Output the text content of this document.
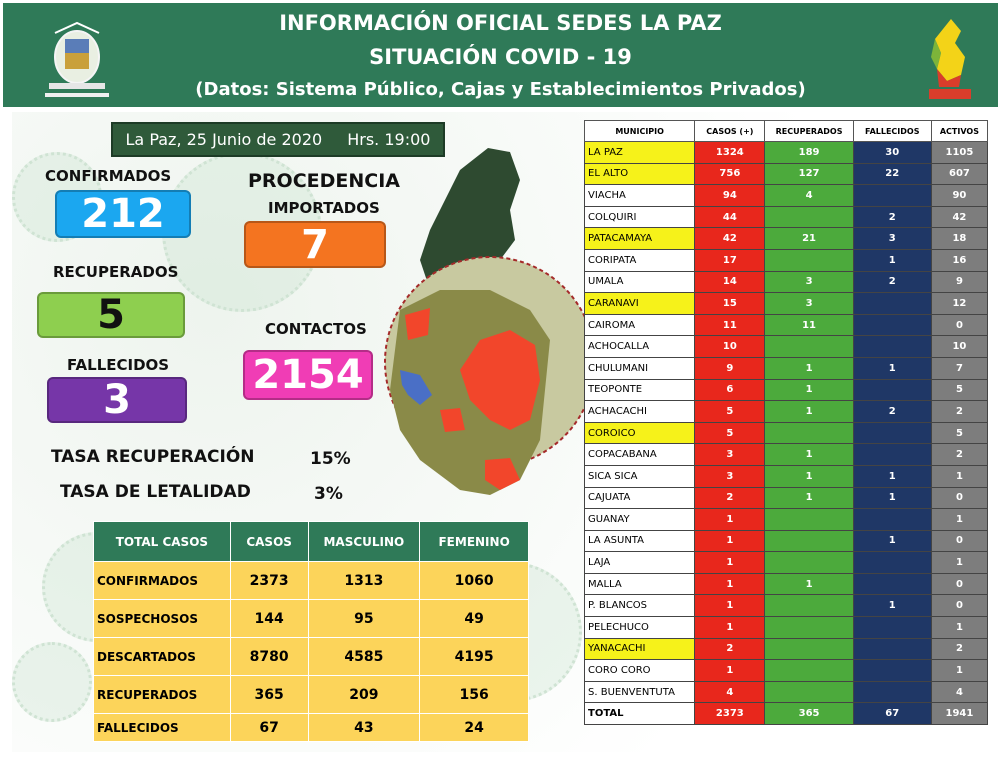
INFORMACIÓN OFICIAL SEDES LA PAZ
SITUACIÓN COVID - 19
(Datos: Sistema Público, Cajas y Establecimientos Privados)
La Paz, 25 Junio de 2020 Hrs. 19:00
CONFIRMADOS
212
RECUPERADOS
5
FALLECIDOS
3
PROCEDENCIA
IMPORTADOS
7
CONTACTOS
2154
TASA RECUPERACIÓN	15%
TASA DE LETALIDAD	3%
TOTAL CASOS	CASOS	MASCULINO	FEMENINO
CONFIRMADOS	2373	1313	1060
SOSPECHOSOS	144	95	49
DESCARTADOS	8780	4585	4195
RECUPERADOS	365	209	156
FALLECIDOS	67	43	24
MUNICIPIO	CASOS (+)	RECUPERADOS	FALLECIDOS	ACTIVOS
LA PAZ	1324	189	30	1105
EL ALTO	756	127	22	607
VIACHA	94	4		90
COLQUIRI	44		2	42
PATACAMAYA	42	21	3	18
CORIPATA	17		1	16
UMALA	14	3	2	9
CARANAVI	15	3		12
CAIROMA	11	11		0
ACHOCALLA	10			10
CHULUMANI	9	1	1	7
TEOPONTE	6	1		5
ACHACACHI	5	1	2	2
COROICO	5			5
COPACABANA	3	1		2
SICA SICA	3	1	1	1
CAJUATA	2	1	1	0
GUANAY	1			1
LA ASUNTA	1		1	0
LAJA	1			1
MALLA	1	1		0
P. BLANCOS	1		1	0
PELECHUCO	1			1
YANACACHI	2			2
CORO CORO	1			1
S. BUENVENTUTA	4			4
TOTAL	2373	365	67	1941
